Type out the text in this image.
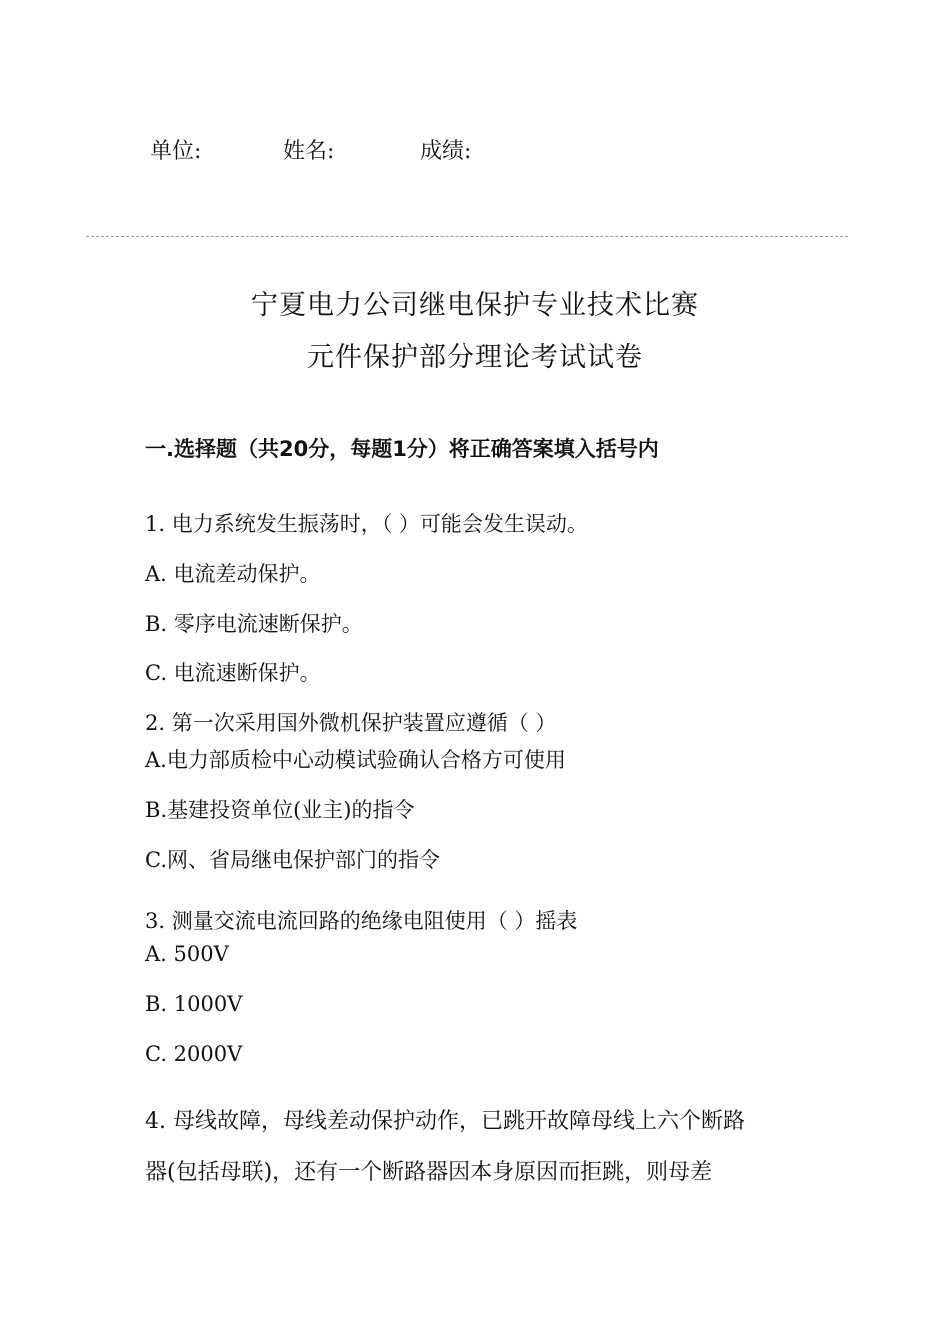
单位:	姓名:	成绩:
宁夏电力公司继电保护专业技术比赛
元件保护部分理论考试试卷
一.选择题（共20分，每题1分）将正确答案填入括号内
1. 电力系统发生振荡时，（ ）可能会发生误动。
A. 电流差动保护。
B. 零序电流速断保护。
C. 电流速断保护。
2. 第一次采用国外微机保护装置应遵循（ ）
A.电力部质检中心动模试验确认合格方可使用
B.基建投资单位(业主)的指令
C.网、省局继电保护部门的指令
3. 测量交流电流回路的绝缘电阻使用（ ）摇表
A. 500V
B. 1000V
C. 2000V
4. 母线故障，母线差动保护动作，已跳开故障母线上六个断路
器(包括母联)，还有一个断路器因本身原因而拒跳，则母差
